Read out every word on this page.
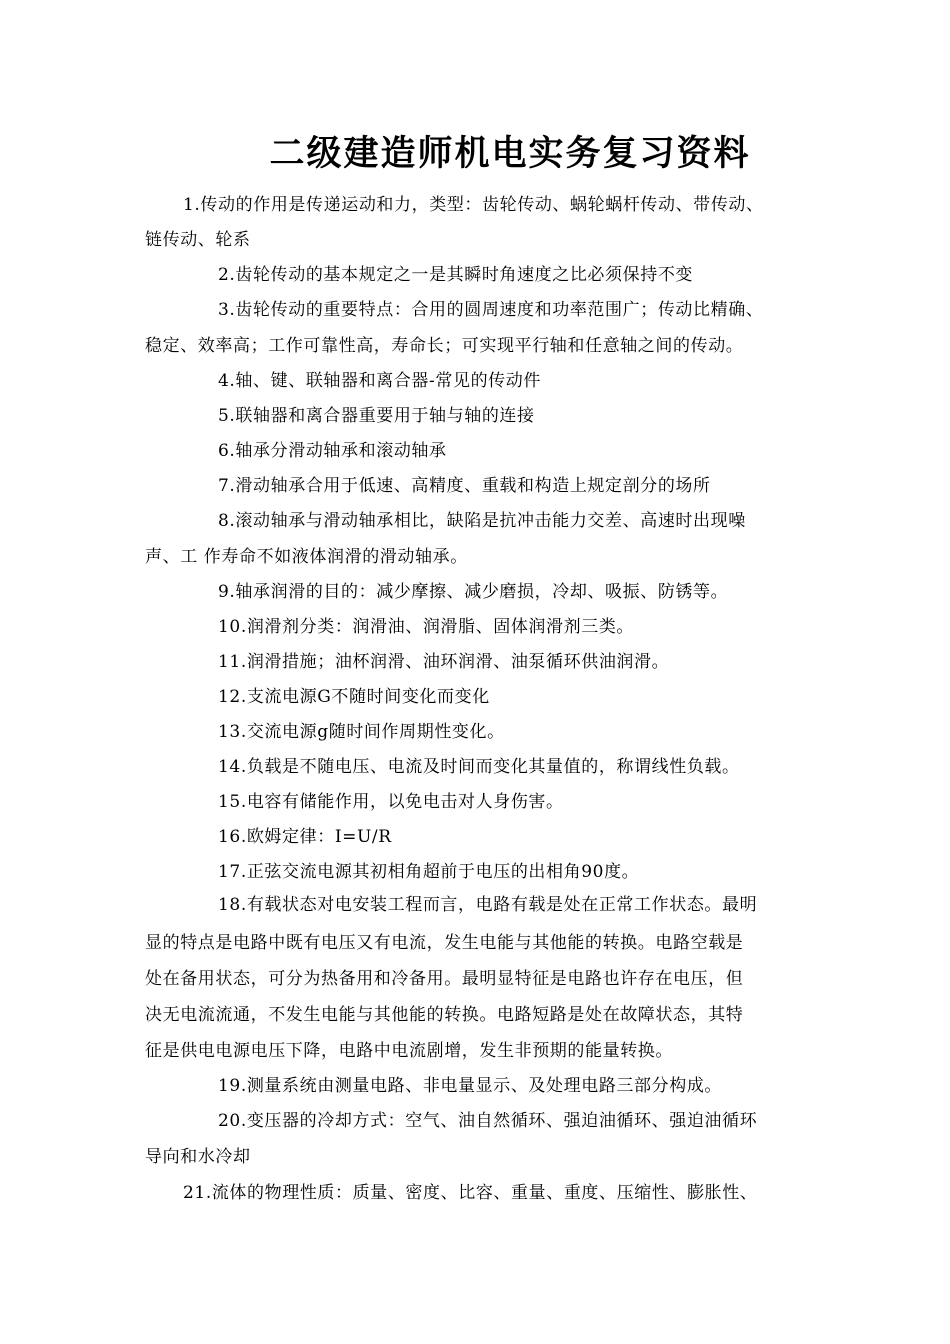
二级建造师机电实务复习资料
1.传动的作用是传递运动和力，类型：齿轮传动、蜗轮蜗杆传动、带传动、
链传动、轮系
2.齿轮传动的基本规定之一是其瞬时角速度之比必须保持不变
3.齿轮传动的重要特点：合用的圆周速度和功率范围广；传动比精确、
稳定、效率高；工作可靠性高，寿命长；可实现平行轴和任意轴之间的传动。
4.轴、键、联轴器和离合器-常见的传动件
5.联轴器和离合器重要用于轴与轴的连接
6.轴承分滑动轴承和滚动轴承
7.滑动轴承合用于低速、高精度、重载和构造上规定剖分的场所
8.滚动轴承与滑动轴承相比，缺陷是抗冲击能力交差、高速时出现噪
声、工 作寿命不如液体润滑的滑动轴承。
9.轴承润滑的目的：减少摩擦、减少磨损，冷却、吸振、防锈等。
10.润滑剂分类：润滑油、润滑脂、固体润滑剂三类。
11.润滑措施；油杯润滑、油环润滑、油泵循环供油润滑。
12.支流电源G不随时间变化而变化
13.交流电源g随时间作周期性变化。
14.负载是不随电压、电流及时间而变化其量值的，称谓线性负载。
15.电容有储能作用，以免电击对人身伤害。
16.欧姆定律：I=U/R
17.正弦交流电源其初相角超前于电压的出相角90度。
18.有载状态对电安装工程而言，电路有载是处在正常工作状态。最明
显的特点是电路中既有电压又有电流，发生电能与其他能的转换。电路空载是
处在备用状态，可分为热备用和冷备用。最明显特征是电路也许存在电压，但
决无电流流通，不发生电能与其他能的转换。电路短路是处在故障状态，其特
征是供电电源电压下降，电路中电流剧增，发生非预期的能量转换。
19.测量系统由测量电路、非电量显示、及处理电路三部分构成。
20.变压器的冷却方式：空气、油自然循环、强迫油循环、强迫油循环
导向和水冷却
21.流体的物理性质：质量、密度、比容、重量、重度、压缩性、膨胀性、
